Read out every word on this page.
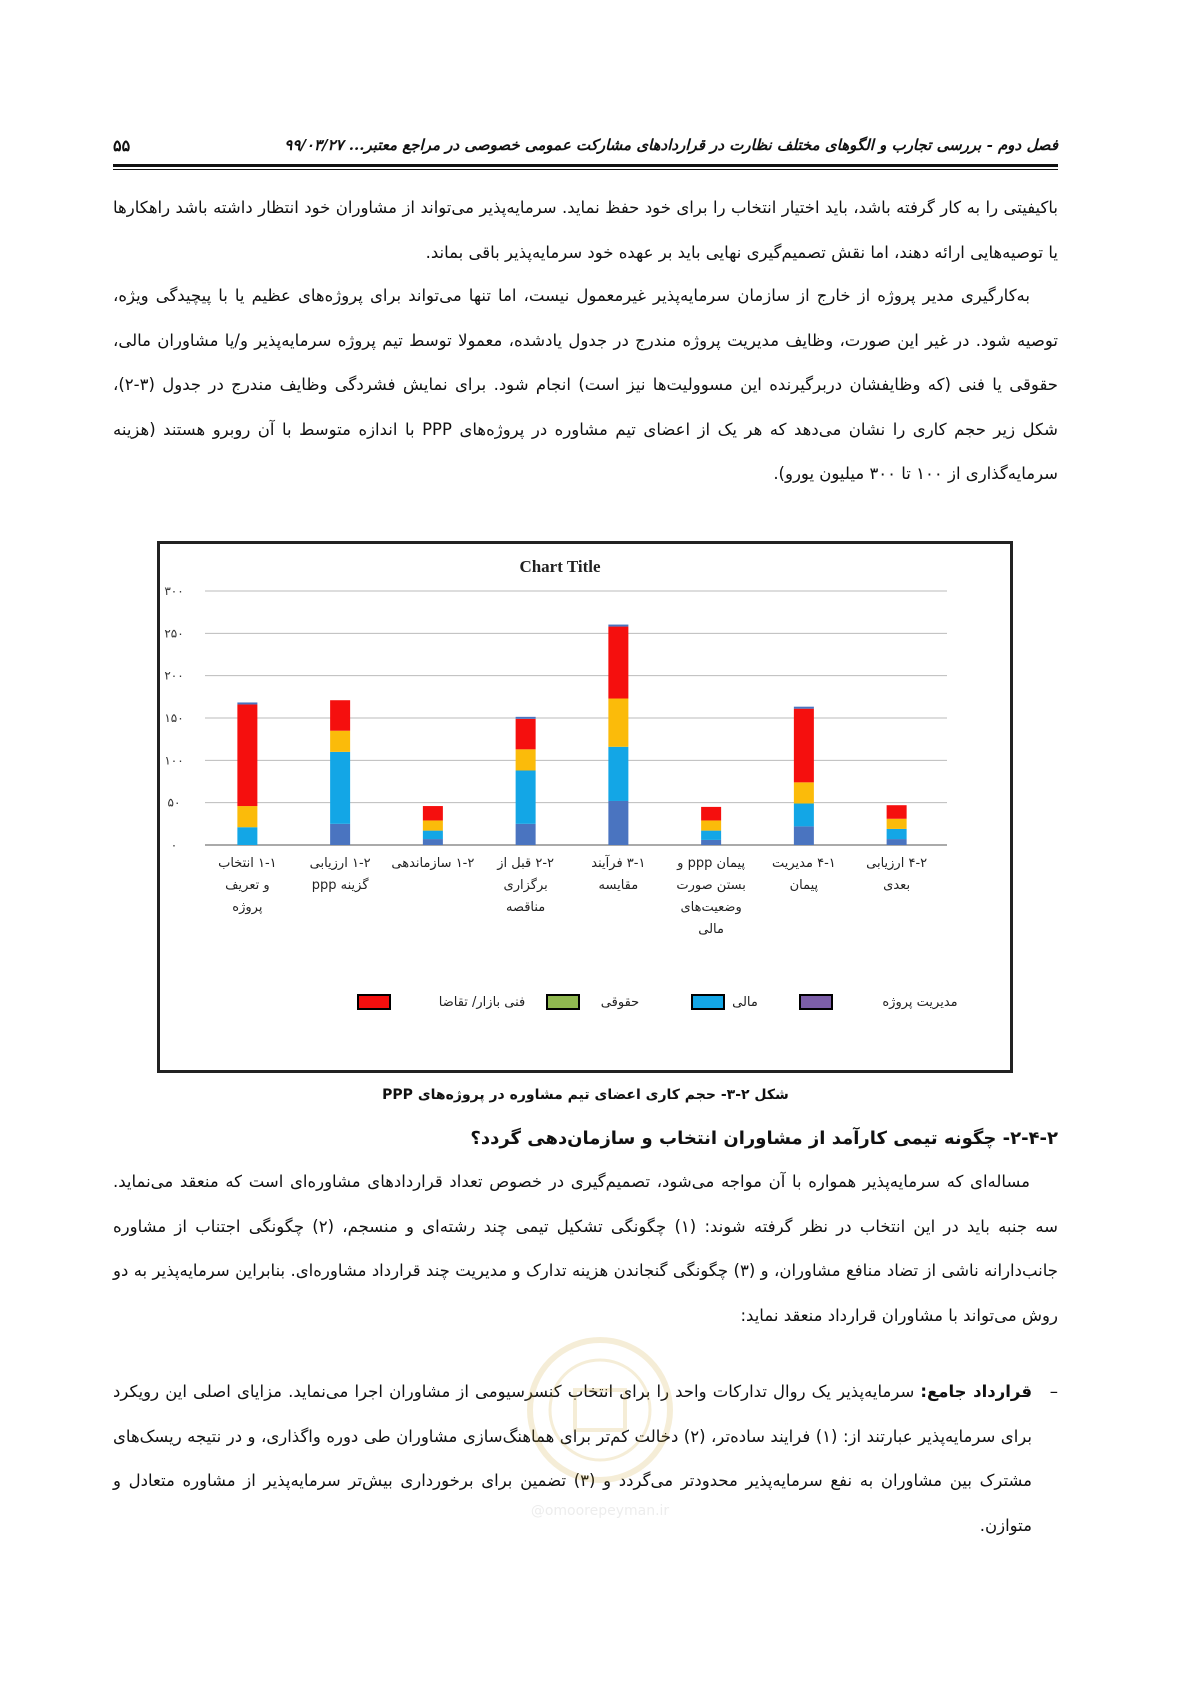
فصل دوم - بررسی تجارب و الگوهای مختلف نظارت در قراردادهای مشارکت عمومی خصوصی در مراجع معتبر... ۹۹/۰۳/۲۷
۵۵

باکیفیتی را به کار گرفته باشد، باید اختیار انتخاب را برای خود حفظ نماید. سرمایه‌پذیر می‌تواند از مشاوران خود انتظار داشته باشد راهکارها یا توصیه‌هایی ارائه دهند، اما نقش تصمیم‌گیری نهایی باید بر عهده خود سرمایه‌پذیر باقی بماند.

به‌کارگیری مدیر پروژه از خارج از سازمان سرمایه‌پذیر غیرمعمول نیست، اما تنها می‌تواند برای پروژه‌های عظیم یا با پیچیدگی ویژه، توصیه شود. در غیر این صورت، وظایف مدیریت پروژه مندرج در جدول یادشده، معمولا توسط تیم پروژه سرمایه‌پذیر و/یا مشاوران مالی، حقوقی یا فنی (که وظایفشان دربرگیرنده این مسوولیت‌ها نیز است) انجام شود. برای نمایش فشردگی وظایف مندرج در جدول (۳-۲)، شکل زیر حجم کاری را نشان می‌دهد که هر یک از اعضای تیم مشاوره در پروژه‌های PPP با اندازه متوسط با آن روبرو هستند (هزینه سرمایه‌گذاری از ۱۰۰ تا ۳۰۰ میلیون یورو).

Chart Title
۰
۵۰
۱۰۰
۱۵۰
۲۰۰
۲۵۰
۳۰۰
۱-۱ انتخاب
و تعریف
پروژه
۱-۲ ارزیابی
گزینه ppp
۱-۲ سازماندهی ۲-۲ قبل از
برگزاری
مناقصه
۳-۱ فرآیند
مقایسه
پیمان ppp و
بستن صورت
وضعیت‌های
مالی
۴-۱ مدیریت
پیمان
۴-۲ ارزیابی
بعدی
مدیریت پروژه
مالی
حقوقی
فنی بازار/ تقاضا
شکل ۲-۳- حجم کاری اعضای تیم مشاوره در پروژه‌های PPP
۲-۴-۲- چگونه تیمی کارآمد از مشاوران انتخاب و سازمان‌دهی گردد؟

مساله‌ای که سرمایه‌پذیر همواره با آن مواجه می‌شود، تصمیم‌گیری در خصوص تعداد قراردادهای مشاوره‌ای است که منعقد می‌نماید. سه جنبه باید در این انتخاب در نظر گرفته شوند: (۱) چگونگی تشکیل تیمی چند رشته‌ای و منسجم، (۲) چگونگی اجتناب از مشاوره جانب‌دارانه ناشی از تضاد منافع مشاوران، و (۳) چگونگی گنجاندن هزینه تدارک و مدیریت چند قرارداد مشاوره‌ای. بنابراین سرمایه‌پذیر به دو روش می‌تواند با مشاوران قرارداد منعقد نماید:

–

قرارداد جامع: سرمایه‌پذیر یک روال تدارکات واحد را برای انتخاب کنسرسیومی از مشاوران اجرا می‌نماید. مزایای اصلی این رویکرد برای سرمایه‌پذیر عبارتند از: (۱) فرایند ساده‌تر، (۲) دخالت کم‌تر برای هماهنگ‌سازی مشاوران طی دوره واگذاری، و در نتیجه ریسک‌های مشترک بین مشاوران به نفع سرمایه‌پذیر محدودتر می‌گردد و (۳) تضمین برای برخورداری بیش‌تر سرمایه‌پذیر از مشاوره متعادل و متوازن.

@omoorepeyman.ir
